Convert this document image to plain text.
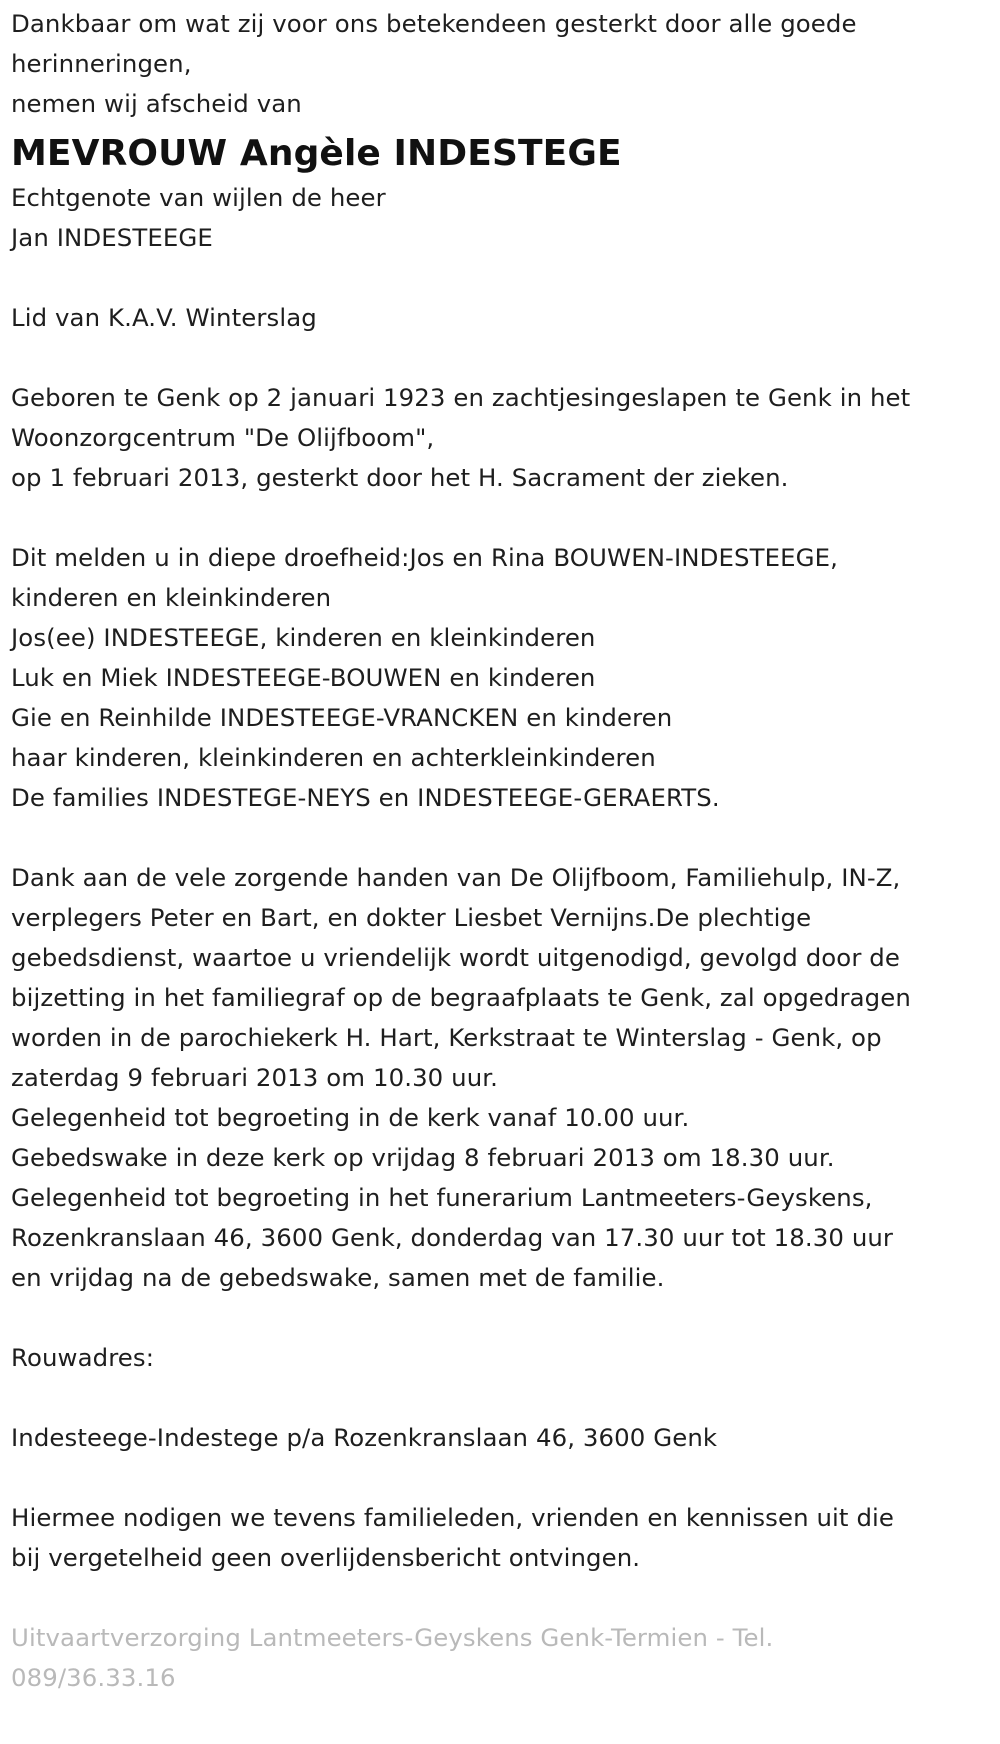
Dankbaar om wat zij voor ons betekendeen gesterkt door alle goede
herinneringen,
nemen wij afscheid van
MEVROUW Angèle INDESTEGE
Echtgenote van wijlen de heer
Jan INDESTEEGE
Lid van K.A.V. Winterslag
Geboren te Genk op 2 januari 1923 en zachtjesingeslapen te Genk in het
Woonzorgcentrum "De Olijfboom",
op 1 februari 2013, gesterkt door het H. Sacrament der zieken.
Dit melden u in diepe droefheid:Jos en Rina BOUWEN-INDESTEEGE,
kinderen en kleinkinderen
Jos(ee) INDESTEEGE, kinderen en kleinkinderen
Luk en Miek INDESTEEGE-BOUWEN en kinderen
Gie en Reinhilde INDESTEEGE-VRANCKEN en kinderen
haar kinderen, kleinkinderen en achterkleinkinderen
De families INDESTEGE-NEYS en INDESTEEGE-GERAERTS.
Dank aan de vele zorgende handen van De Olijfboom, Familiehulp, IN-Z,
verplegers Peter en Bart, en dokter Liesbet Vernijns.De plechtige
gebedsdienst, waartoe u vriendelijk wordt uitgenodigd, gevolgd door de
bijzetting in het familiegraf op de begraafplaats te Genk, zal opgedragen
worden in de parochiekerk H. Hart, Kerkstraat te Winterslag - Genk, op
zaterdag 9 februari 2013 om 10.30 uur.
Gelegenheid tot begroeting in de kerk vanaf 10.00 uur.
Gebedswake in deze kerk op vrijdag 8 februari 2013 om 18.30 uur.
Gelegenheid tot begroeting in het funerarium Lantmeeters-Geyskens,
Rozenkranslaan 46, 3600 Genk, donderdag van 17.30 uur tot 18.30 uur
en vrijdag na de gebedswake, samen met de familie.
Rouwadres:
Indesteege-Indestege p/a Rozenkranslaan 46, 3600 Genk
Hiermee nodigen we tevens familieleden, vrienden en kennissen uit die
bij vergetelheid geen overlijdensbericht ontvingen.
Uitvaartverzorging Lantmeeters-Geyskens Genk-Termien - Tel.
089/36.33.16
